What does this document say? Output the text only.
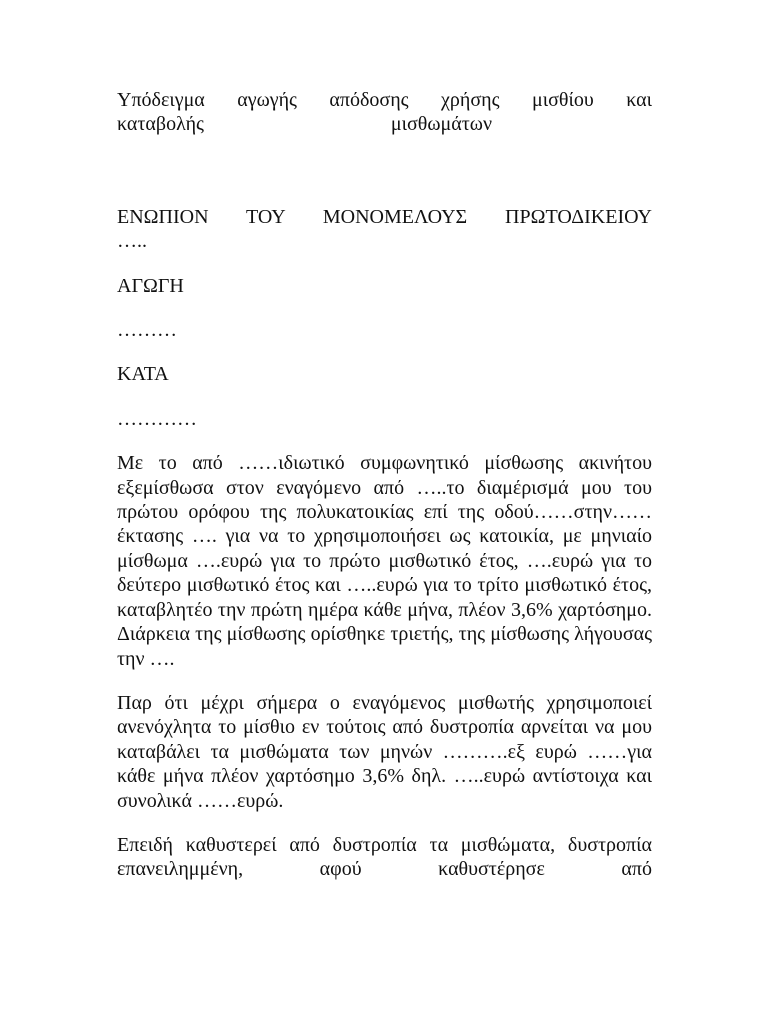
Υπόδειγμα αγωγής απόδοσης χρήσης μισθίου και
καταβολής μισθωμάτων
ΕΝΩΠΙΟΝ ΤΟΥ ΜΟΝΟΜΕΛΟΥΣ ΠΡΩΤΟΔΙΚΕΙΟΥ
…..

ΑΓΩΓΗ

………

ΚΑΤΑ

…………

Με το από ……ιδιωτικό συμφωνητικό μίσθωσης ακινήτου εξεμίσθωσα στον εναγόμενο από …..το διαμέρισμά μου του πρώτου ορόφου της πολυκατοικίας επί της οδού……στην……έκτασης …. για να το χρησιμοποιήσει ως κατοικία, με μηνιαίο μίσθωμα ….ευρώ για το πρώτο μισθωτικό έτος, ….ευρώ για το δεύτερο μισθωτικό έτος και …..ευρώ για το τρίτο μισθωτικό έτος, καταβλητέο την πρώτη ημέρα κάθε μήνα, πλέον 3,6% χαρτόσημο. Διάρκεια της μίσθωσης ορίσθηκε τριετής, της μίσθωσης λήγουσας την ….

Παρ ότι μέχρι σήμερα ο εναγόμενος μισθωτής χρησιμοποιεί ανενόχλητα το μίσθιο εν τούτοις από δυστροπία αρνείται να μου καταβάλει τα μισθώματα των μηνών ……….εξ ευρώ ……για κάθε μήνα πλέον χαρτόσημο 3,6% δηλ. …..ευρώ αντίστοιχα και συνολικά ……ευρώ.

Επειδή καθυστερεί από δυστροπία τα μισθώματα, δυστροπία επανειλημμένη, αφού καθυστέρησε από
